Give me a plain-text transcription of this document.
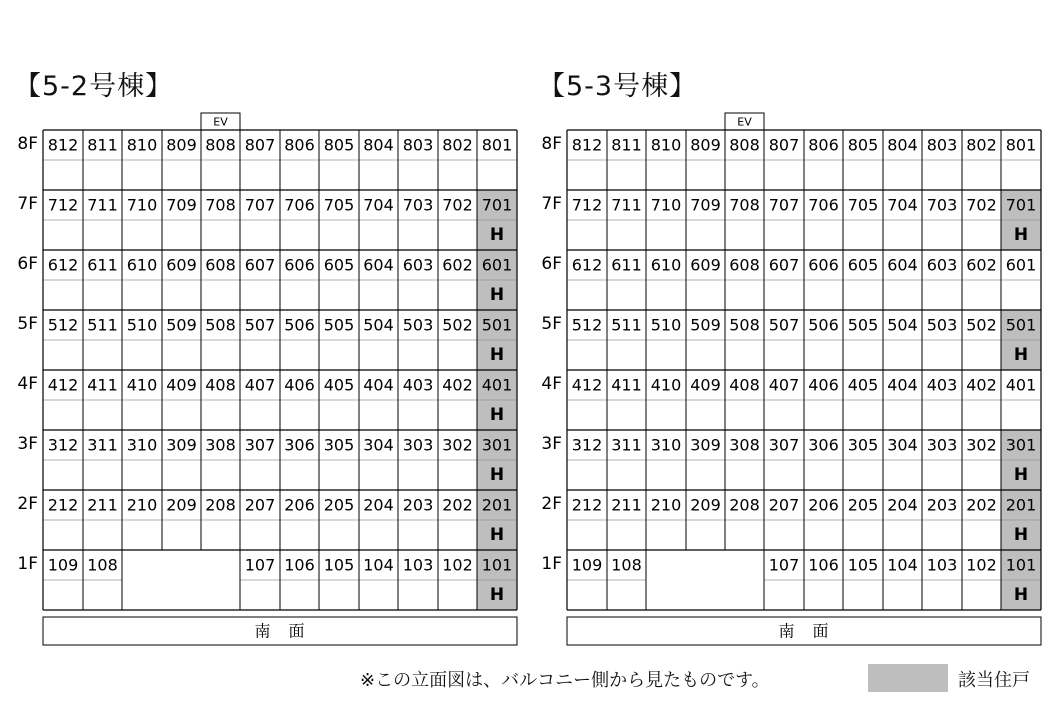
【5-2号棟】	【5-3号棟】
EV
8F 812 811 810 809 808 807 806 805 804 803 802 801
7F 712 711 710 709 708 707 706 705 704 703 702 701
H
6F 612 611 610 609 608 607 606 605 604 603 602 601
H
5F 512 511 510 509 508 507 506 505 504 503 502 501
H
4F 412 411 410 409 408 407 406 405 404 403 402 401
H
3F 312 311 310 309 308 307 306 305 304 303 302 301
H
2F 212 211 210 209 208 207 206 205 204 203 202 201
H
1F 109 108	107 106 105 104 103 102 101
H
南　面
EV
8F 812 811 810 809 808 807 806 805 804 803 802 801
7F 712 711 710 709 708 707 706 705 704 703 702 701
H
6F 612 611 610 609 608 607 606 605 604 603 602 601
5F 512 511 510 509 508 507 506 505 504 503 502 501
H
4F 412 411 410 409 408 407 406 405 404 403 402 401
3F 312 311 310 309 308 307 306 305 304 303 302 301
H
2F 212 211 210 209 208 207 206 205 204 203 202 201
H
1F 109 108	107 106 105 104 103 102 101
H
南　面
※この立面図は、バルコニー側から見たものです。	該当住戸
